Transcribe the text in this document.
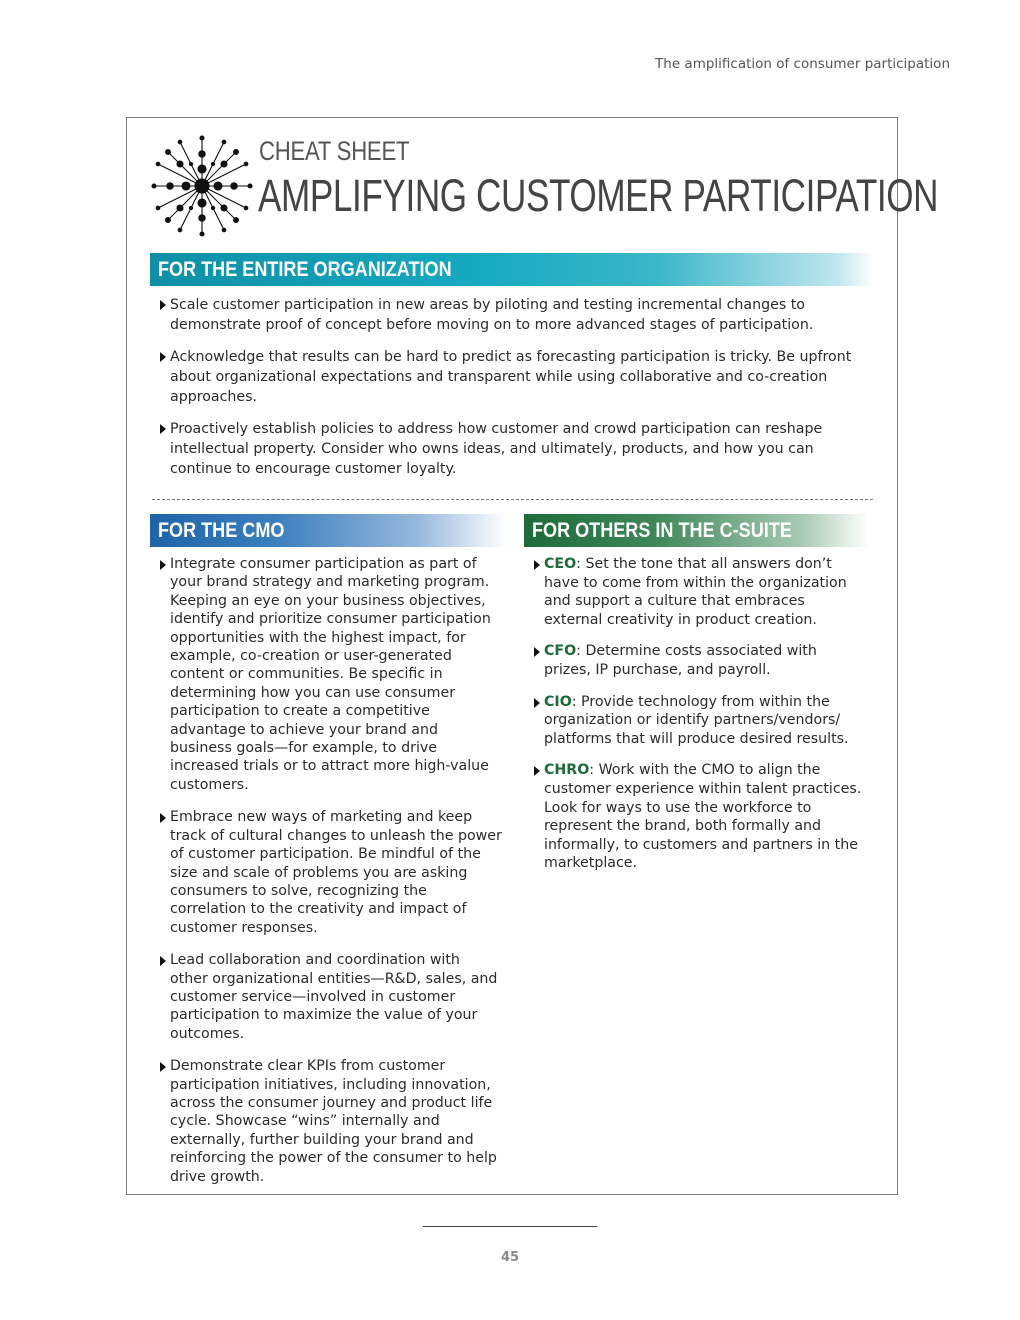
The amplification of consumer participation
CHEAT SHEET
AMPLIFYING CUSTOMER PARTICIPATION
FOR THE ENTIRE ORGANIZATION
Scale customer participation in new areas by piloting and testing incremental changes to demonstrate proof of concept before moving on to more advanced stages of participation.
Acknowledge that results can be hard to predict as forecasting participation is tricky. Be upfront about organizational expectations and transparent while using collaborative and co-creation approaches.
Proactively establish policies to address how customer and crowd participation can reshape intellectual property. Consider who owns ideas, and ultimately, products, and how you can continue to encourage customer loyalty.
FOR THE CMO
Integrate consumer participation as part of your brand strategy and marketing program. Keeping an eye on your business objectives, identify and prioritize consumer participation opportunities with the highest impact, for example, co-creation or user-generated content or communities. Be specific in determining how you can use consumer participation to create a competitive advantage to achieve your brand and business goals—for example, to drive increased trials or to attract more high-value customers.
Embrace new ways of marketing and keep track of cultural changes to unleash the power of customer participation. Be mindful of the size and scale of problems you are asking consumers to solve, recognizing the correlation to the creativity and impact of customer responses.
Lead collaboration and coordination with other organizational entities—R&D, sales, and customer service—involved in customer participation to maximize the value of your outcomes.
Demonstrate clear KPIs from customer participation initiatives, including innovation, across the consumer journey and product life cycle. Showcase “wins” internally and externally, further building your brand and reinforcing the power of the consumer to help drive growth.
FOR OTHERS IN THE C-SUITE
CEO: Set the tone that all answers don’t have to come from within the organization and support a culture that embraces external creativity in product creation.
CFO: Determine costs associated with prizes, IP purchase, and payroll.
CIO: Provide technology from within the organization or identify partners/vendors/ platforms that will produce desired results.
CHRO: Work with the CMO to align the customer experience within talent practices. Look for ways to use the workforce to represent the brand, both formally and informally, to customers and partners in the marketplace.
45
